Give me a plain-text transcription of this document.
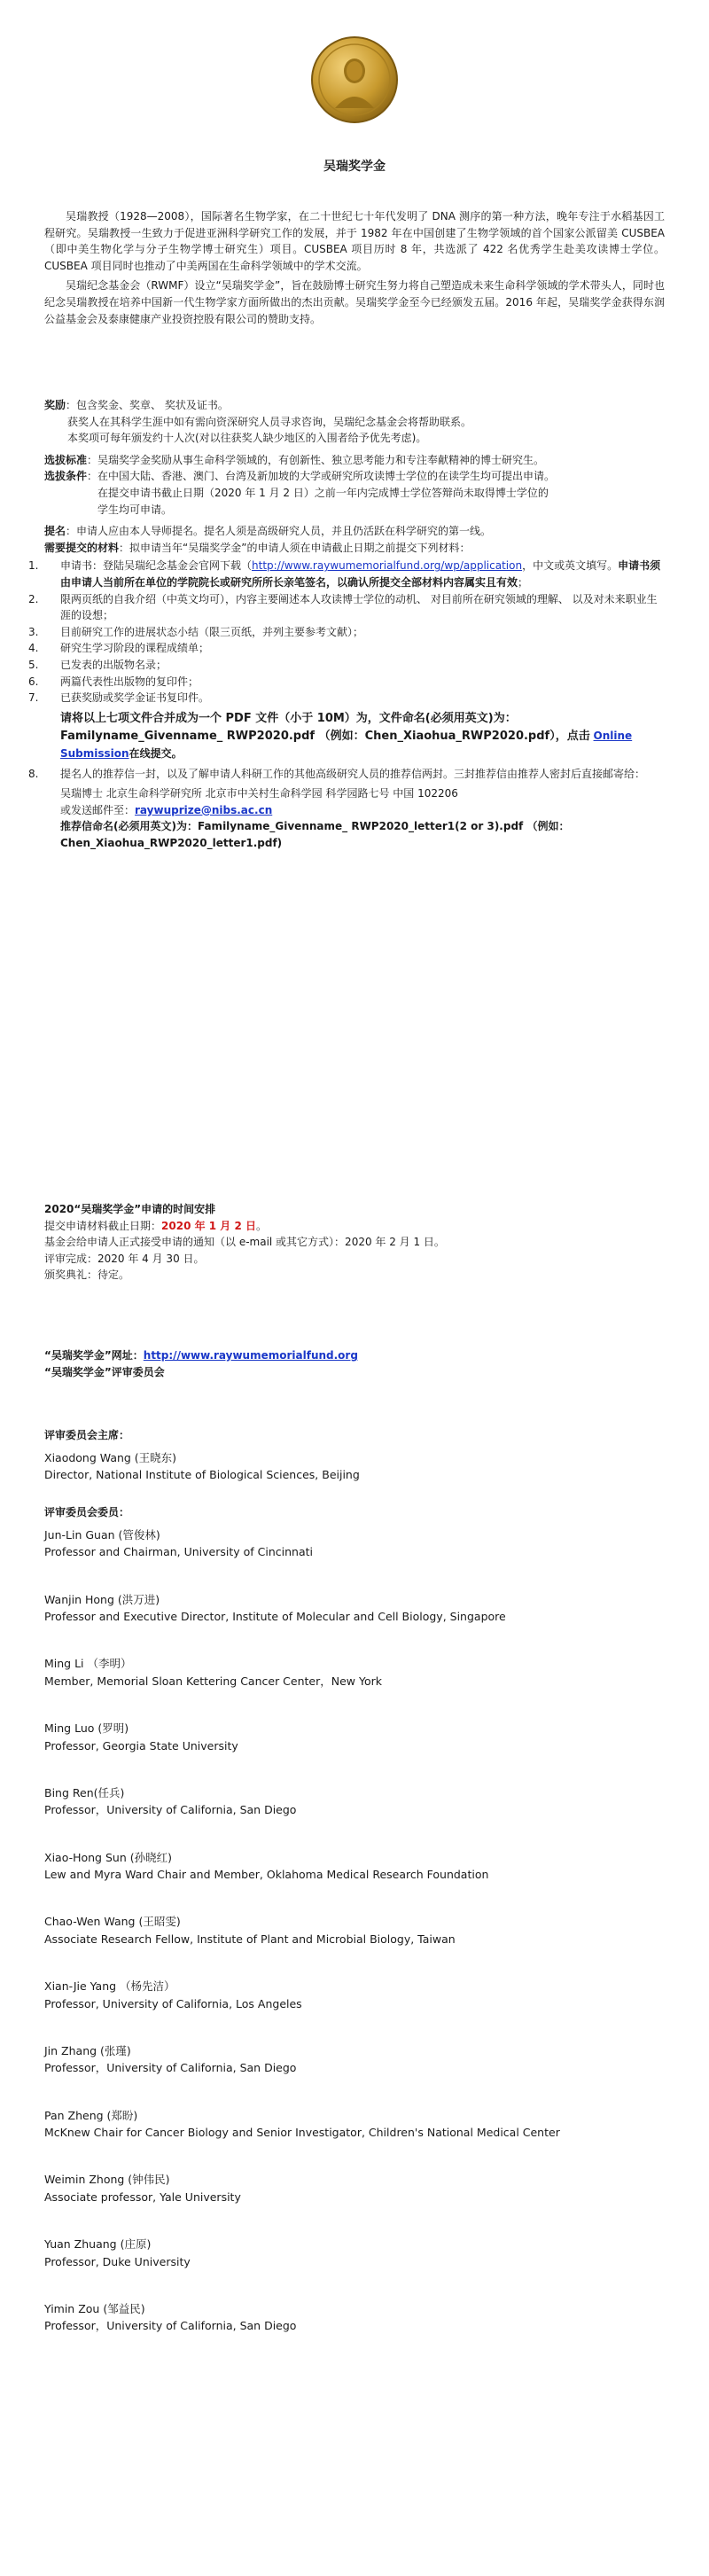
吴瑞奖学金

吴瑞教授（1928—2008），国际著名生物学家，在二十世纪七十年代发明了 DNA 测序的第一种方法，晚年专注于水稻基因工程研究。吴瑞教授一生致力于促进亚洲科学研究工作的发展，并于 1982 年在中国创建了生物学领域的首个国家公派留美 CUSBEA（即中美生物化学与分子生物学博士研究生）项目。CUSBEA 项目历时 8 年，共选派了 422 名优秀学生赴美攻读博士学位。CUSBEA 项目同时也推动了中美两国在生命科学领域中的学术交流。

吴瑞纪念基金会（RWMF）设立“吴瑞奖学金”，旨在鼓励博士研究生努力将自己塑造成未来生命科学领域的学术带头人，同时也纪念吴瑞教授在培养中国新一代生物学家方面所做出的杰出贡献。吴瑞奖学金至今已经颁发五届。2016 年起，吴瑞奖学金获得东润公益基金会及泰康健康产业投资控股有限公司的赞助支持。

奖励：包含奖金、奖章、 奖状及证书。

获奖人在其科学生涯中如有需向资深研究人员寻求咨询，吴瑞纪念基金会将帮助联系。

本奖项可每年颁发约十人次(对以往获奖人缺少地区的入围者给予优先考虑)。

选拔标准：吴瑞奖学金奖励从事生命科学领域的，有创新性、独立思考能力和专注奉献精神的博士研究生。

选拔条件：在中国大陆、香港、澳门、台湾及新加坡的大学或研究所攻读博士学位的在读学生均可提出申请。

在提交申请书截止日期（2020 年 1 月 2 日）之前一年内完成博士学位答辩尚未取得博士学位的

学生均可申请。

提名：申请人应由本人导师提名。提名人须是高级研究人员，并且仍活跃在科学研究的第一线。

需要提交的材料：拟申请当年“吴瑞奖学金”的申请人须在申请截止日期之前提交下列材料：

1. 申请书：登陆吴瑞纪念基金会官网下载（http://www.raywumemorialfund.org/wp/application，中文或英文填写。申请书须由申请人当前所在单位的学院院长或研究所所长亲笔签名，以确认所提交全部材料内容属实且有效；

2. 限两页纸的自我介绍（中英文均可），内容主要阐述本人攻读博士学位的动机、 对目前所在研究领域的理解、 以及对未来职业生涯的设想；

3. 目前研究工作的进展状态小结（限三页纸，并列主要参考文献）；

4. 研究生学习阶段的课程成绩单；

5. 已发表的出版物名录；

6. 两篇代表性出版物的复印件；

7. 已获奖励或奖学金证书复印件。

请将以上七项文件合并成为一个 PDF 文件（小于 10M）为，文件命名(必须用英文)为：Familyname_Givenname_ RWP2020.pdf （例如：Chen_Xiaohua_RWP2020.pdf），点击 Online Submission在线提交。

8. 提名人的推荐信一封，以及了解申请人科研工作的其他高级研究人员的推荐信两封。三封推荐信由推荐人密封后直接邮寄给：

吴瑞博士 北京生命科学研究所 北京市中关村生命科学园 科学园路七号 中国 102206

或发送邮件至：raywuprize@nibs.ac.cn

推荐信命名(必须用英文)为：Familyname_Givenname_ RWP2020_letter1(2 or 3).pdf （例如：Chen_Xiaohua_RWP2020_letter1.pdf)

2020“吴瑞奖学金”申请的时间安排

提交申请材料截止日期：2020 年 1 月 2 日。

基金会给申请人正式接受申请的通知（以 e-mail 或其它方式）：2020 年 2 月 1 日。

评审完成：2020 年 4 月 30 日。

颁奖典礼：待定。

“吴瑞奖学金”网址：http://www.raywumemorialfund.org

“吴瑞奖学金”评审委员会

评审委员会主席：

Xiaodong Wang (王晓东)

Director, National Institute of Biological Sciences, Beijing

评审委员会委员：

Jun-Lin Guan (管俊林)

Professor and Chairman, University of Cincinnati

Wanjin Hong (洪万进)

Professor and Executive Director, Institute of Molecular and Cell Biology, Singapore

Ming Li （李明）

Member, Memorial Sloan Kettering Cancer Center，New York

Ming Luo (罗明)

Professor, Georgia State University

Bing Ren(任兵)

Professor，University of California, San Diego

Xiao-Hong Sun (孙晓红)

Lew and Myra Ward Chair and Member, Oklahoma Medical Research Foundation

Chao-Wen Wang (王昭雯)

Associate Research Fellow, Institute of Plant and Microbial Biology, Taiwan

Xian-Jie Yang （杨先洁）

Professor, University of California, Los Angeles

Jin Zhang (张瑾)

Professor，University of California, San Diego

Pan Zheng (郑盼)

McKnew Chair for Cancer Biology and Senior Investigator, Children's National Medical Center

Weimin Zhong (钟伟民)

Associate professor, Yale University

Yuan Zhuang (庄原)

Professor, Duke University

Yimin Zou (邹益民)

Professor，University of California, San Diego
